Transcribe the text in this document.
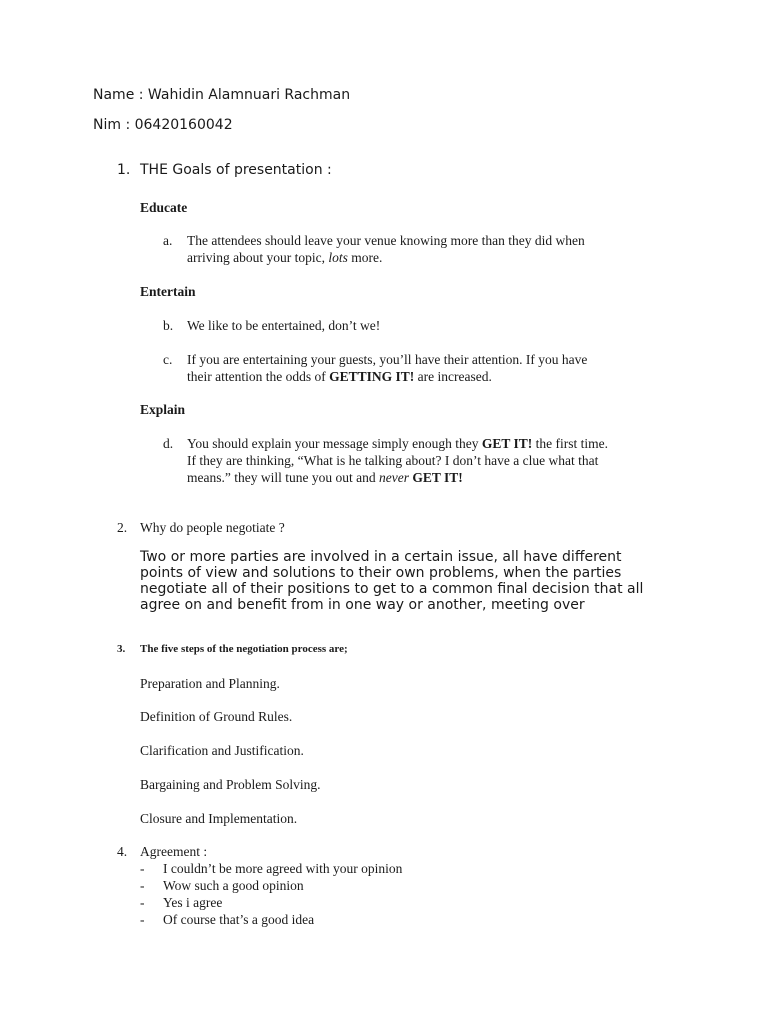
Name : Wahidin Alamnuari Rachman
Nim : 06420160042
1. THE Goals of presentation :
Educate
a. The attendees should leave your venue knowing more than they did when
arriving about your topic, lots more.
Entertain
b. We like to be entertained, don’t we!
c. If you are entertaining your guests, you’ll have their attention. If you have
their attention the odds of GETTING IT! are increased.
Explain
d. You should explain your message simply enough they GET IT! the first time.
If they are thinking, “What is he talking about? I don’t have a clue what that
means.” they will tune you out and never GET IT!
2. Why do people negotiate ?
Two or more parties are involved in a certain issue, all have different
points of view and solutions to their own problems, when the parties
negotiate all of their positions to get to a common final decision that all
agree on and benefit from in one way or another, meeting over
3. The five steps of the negotiation process are;
Preparation and Planning.
Definition of Ground Rules.
Clarification and Justification.
Bargaining and Problem Solving.
Closure and Implementation.
4. Agreement :
- I couldn’t be more agreed with your opinion
- Wow such a good opinion
- Yes i agree
- Of course that’s a good idea
